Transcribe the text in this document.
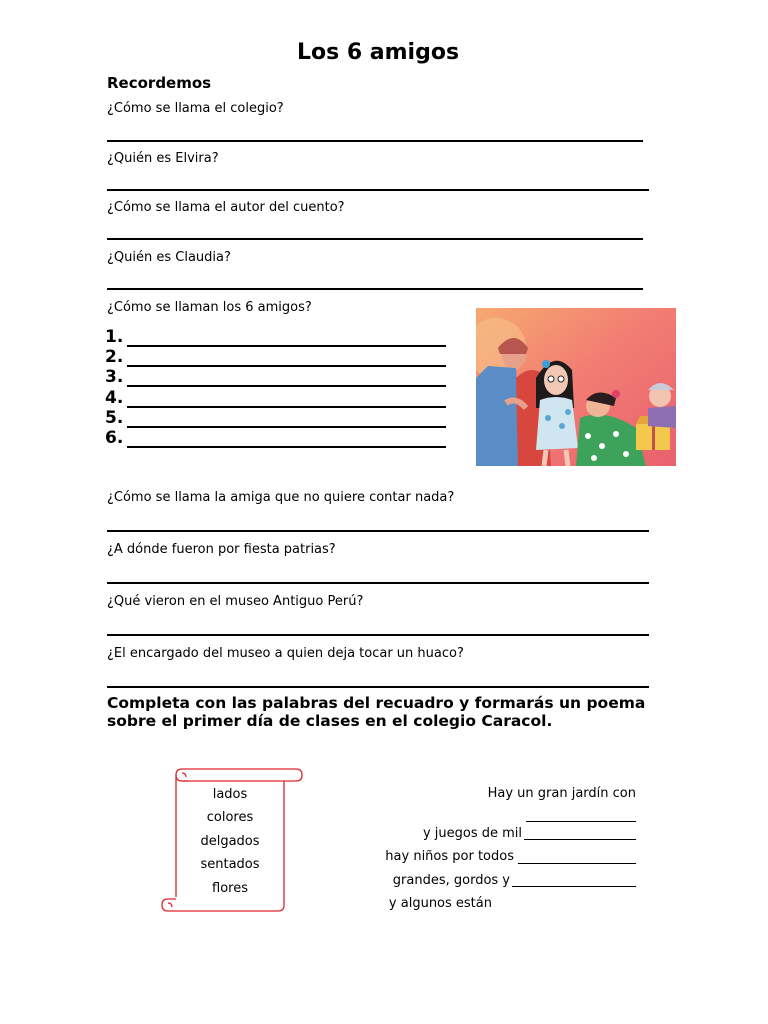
Los 6 amigos
Recordemos
¿Cómo se llama el colegio?
¿Quién es Elvira?
¿Cómo se llama el autor del cuento?
¿Quién es Claudia?
¿Cómo se llaman los 6 amigos?
1.
2.
3.
4.
5.
6.
¿Cómo se llama la amiga que no quiere contar nada?
¿A dónde fueron por fiesta patrias?
¿Qué vieron en el museo Antiguo Perú?
¿El encargado del museo a quien deja tocar un huaco?
Completa con las palabras del recuadro y formarás un poema sobre el primer día de clases en el colegio Caracol.
lados
colores
delgados
sentados
flores
Hay un gran jardín con
y juegos de mil
hay niños por todos
grandes, gordos y
y algunos están
